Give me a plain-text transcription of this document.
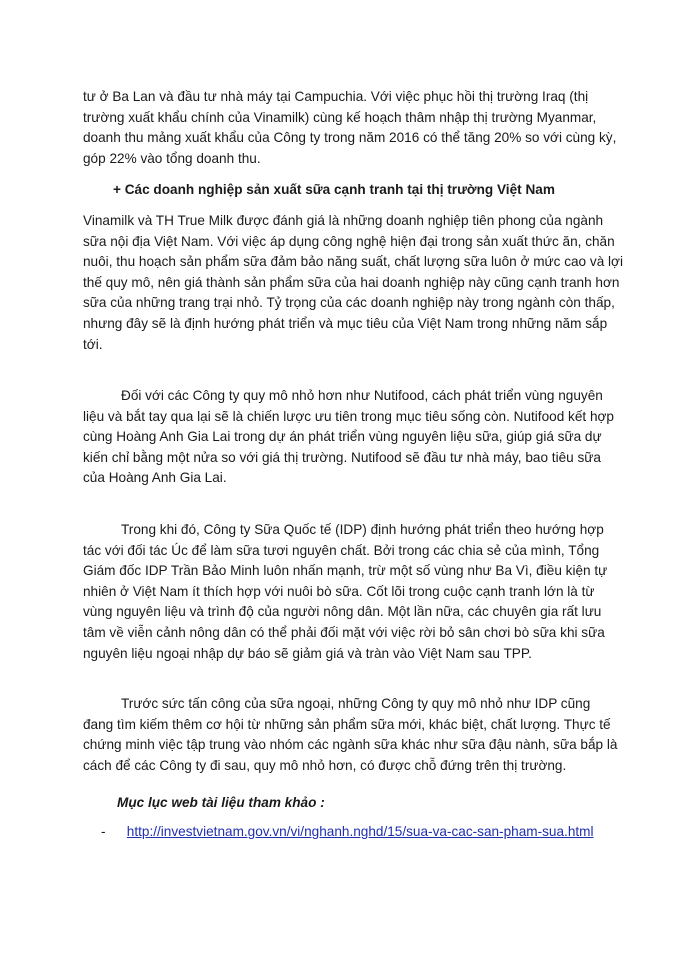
tư ở Ba Lan và đầu tư nhà máy tại Campuchia. Với việc phục hồi thị trường Iraq (thị trường xuất khẩu chính của Vinamilk) cùng kế hoạch thâm nhập thị trường Myanmar, doanh thu mảng xuất khẩu của Công ty trong năm 2016 có thể tăng 20% so với cùng kỳ, góp 22% vào tổng doanh thu.

+ Các doanh nghiệp sản xuất sữa cạnh tranh tại thị trường Việt Nam

Vinamilk và TH True Milk được đánh giá là những doanh nghiệp tiên phong của ngành sữa nội địa Việt Nam. Với việc áp dụng công nghệ hiện đại trong sản xuất thức ăn, chăn nuôi, thu hoạch sản phẩm sữa đảm bảo năng suất, chất lượng sữa luôn ở mức cao và lợi thế quy mô, nên giá thành sản phẩm sữa của hai doanh nghiệp này cũng cạnh tranh hơn sữa của những trang trại nhỏ. Tỷ trọng của các doanh nghiệp này trong ngành còn thấp, nhưng đây sẽ là định hướng phát triển và mục tiêu của Việt Nam trong những năm sắp tới.

Đối với các Công ty quy mô nhỏ hơn như Nutifood, cách phát triển vùng nguyên liệu và bắt tay qua lại sẽ là chiến lược ưu tiên trong mục tiêu sống còn. Nutifood kết hợp cùng Hoàng Anh Gia Lai trong dự án phát triển vùng nguyên liệu sữa, giúp giá sữa dự kiến chỉ bằng một nửa so với giá thị trường. Nutifood sẽ đầu tư nhà máy, bao tiêu sữa của Hoàng Anh Gia Lai.

Trong khi đó, Công ty Sữa Quốc tế (IDP) định hướng phát triển theo hướng hợp tác với đối tác Úc để làm sữa tươi nguyên chất. Bởi trong các chia sẻ của mình, Tổng Giám đốc IDP Trần Bảo Minh luôn nhấn mạnh, trừ một số vùng như Ba Vì, điều kiện tự nhiên ở Việt Nam ít thích hợp với nuôi bò sữa. Cốt lõi trong cuộc cạnh tranh lớn là từ vùng nguyên liệu và trình độ của người nông dân. Một lần nữa, các chuyên gia rất lưu tâm về viễn cảnh nông dân có thể phải đối mặt với việc rời bỏ sân chơi bò sữa khi sữa nguyên liệu ngoại nhập dự báo sẽ giảm giá và tràn vào Việt Nam sau TPP.

Trước sức tấn công của sữa ngoại, những Công ty quy mô nhỏ như IDP cũng đang tìm kiếm thêm cơ hội từ những sản phẩm sữa mới, khác biệt, chất lượng. Thực tế chứng minh việc tập trung vào nhóm các ngành sữa khác như sữa đậu nành, sữa bắp là cách để các Công ty đi sau, quy mô nhỏ hơn, có được chỗ đứng trên thị trường.

Mục lục web tài liệu tham khảo :

- http://investvietnam.gov.vn/vi/nghanh.nghd/15/sua-va-cac-san-pham-sua.html
